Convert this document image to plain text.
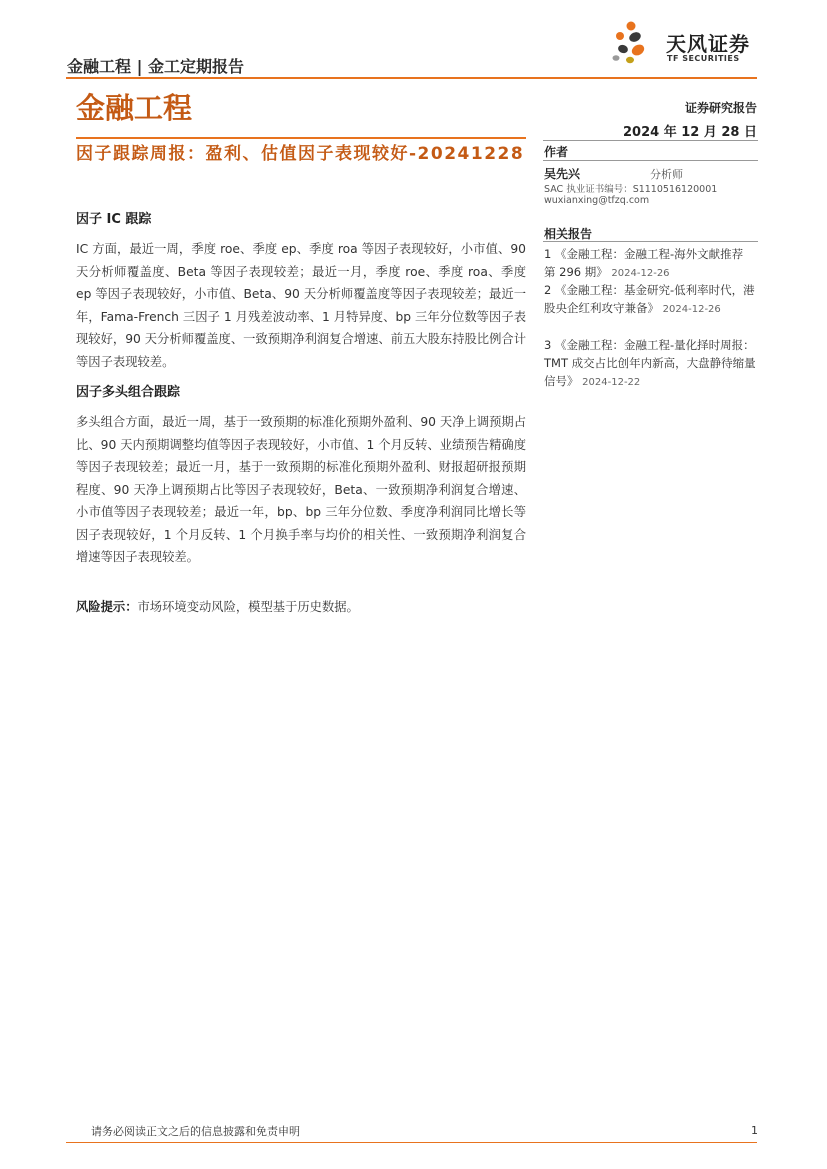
金融工程 | 金工定期报告
天风证券
TF SECURITIES
金融工程	证券研究报告
2024 年 12 月 28 日
因子跟踪周报：盈利、估值因子表现较好-20241228
因子 IC 跟踪
IC 方面，最近一周，季度 roe、季度 ep、季度 roa 等因子表现较好，小市值、90 天分析师覆盖度、Beta 等因子表现较差；最近一月，季度 roe、季度 roa、季度 ep 等因子表现较好，小市值、Beta、90 天分析师覆盖度等因子表现较差；最近一年，Fama-French 三因子 1 月残差波动率、1 月特异度、bp 三年分位数等因子表现较好，90 天分析师覆盖度、一致预期净利润复合增速、前五大股东持股比例合计等因子表现较差。
因子多头组合跟踪
多头组合方面，最近一周，基于一致预期的标准化预期外盈利、90 天净上调预期占比、90 天内预期调整均值等因子表现较好，小市值、1 个月反转、业绩预告精确度等因子表现较差；最近一月，基于一致预期的标准化预期外盈利、财报超研报预期程度、90 天净上调预期占比等因子表现较好，Beta、一致预期净利润复合增速、小市值等因子表现较差；最近一年，bp、bp 三年分位数、季度净利润同比增长等因子表现较好，1 个月反转、1 个月换手率与均价的相关性、一致预期净利润复合增速等因子表现较差。
风险提示：市场环境变动风险，模型基于历史数据。
作者
吴先兴	分析师
SAC 执业证书编号：S1110516120001
wuxianxing@tfzq.com
相关报告
1 《金融工程：金融工程-海外文献推荐 第 296 期》 2024-12-26
2 《金融工程：基金研究-低利率时代，港股央企红利攻守兼备》 2024-12-26
3 《金融工程：金融工程-量化择时周报：TMT 成交占比创年内新高，大盘静待缩量信号》 2024-12-22
请务必阅读正文之后的信息披露和免责申明	1
